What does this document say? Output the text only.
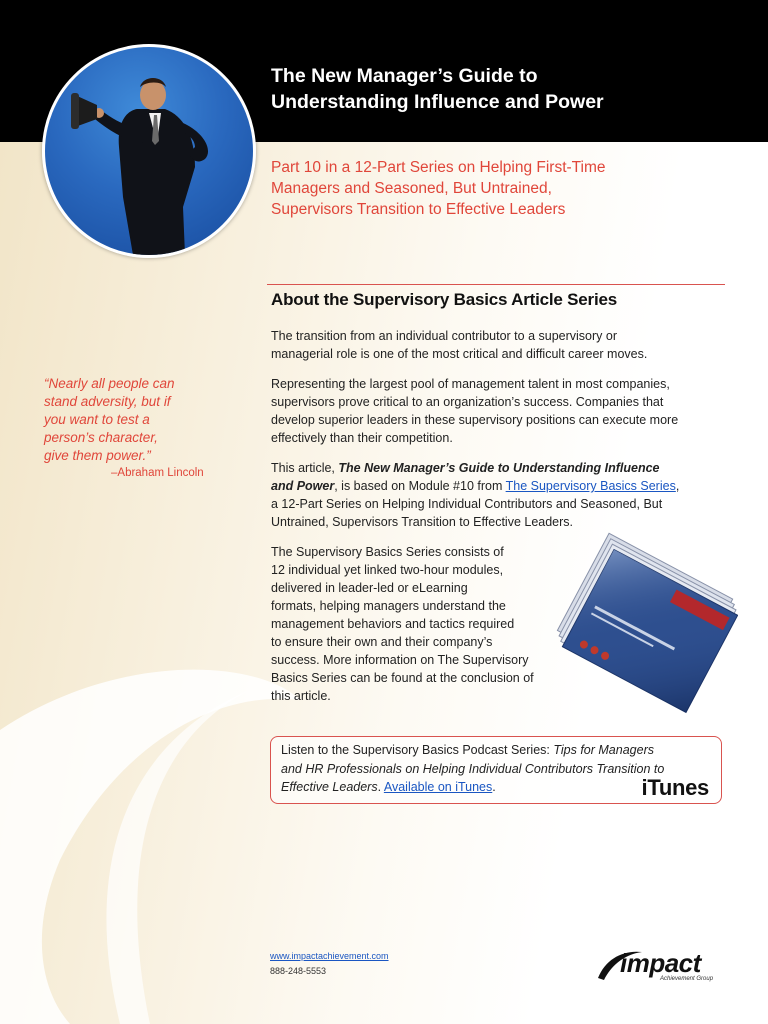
The New Manager’s Guide to
Understanding Influence and Power

Part 10 in a 12-Part Series on Helping First-Time
Managers and Seasoned, But Untrained,
Supervisors Transition to Effective Leaders

About the Supervisory Basics Article Series

The transition from an individual contributor to a supervisory or
managerial role is one of the most critical and difficult career moves.

Representing the largest pool of management talent in most companies,
supervisors prove critical to an organization’s success. Companies that
develop superior leaders in these supervisory positions can execute more
effectively than their competition.

This article, The New Manager’s Guide to Understanding Influence
and Power, is based on Module #10 from The Supervisory Basics Series,
a 12-Part Series on Helping Individual Contributors and Seasoned, But
Untrained, Supervisors Transition to Effective Leaders.

The Supervisory Basics Series consists of
12 individual yet linked two-hour modules,
delivered in leader-led or eLearning
formats, helping managers understand the
management behaviors and tactics required
to ensure their own and their company’s
success. More information on The Supervisory
Basics Series can be found at the conclusion of
this article.

“Nearly all people can
stand adversity, but if
you want to test a
person’s character,
give them power.”
–Abraham Lincoln
Listen to the Supervisory Basics Podcast Series: Tips for Managers
and HR Professionals on Helping Individual Contributors Transition to
Effective Leaders. Available on iTunes.	iTunes
www.impactachievement.com
888-248-5553	impact
Achievement Group
